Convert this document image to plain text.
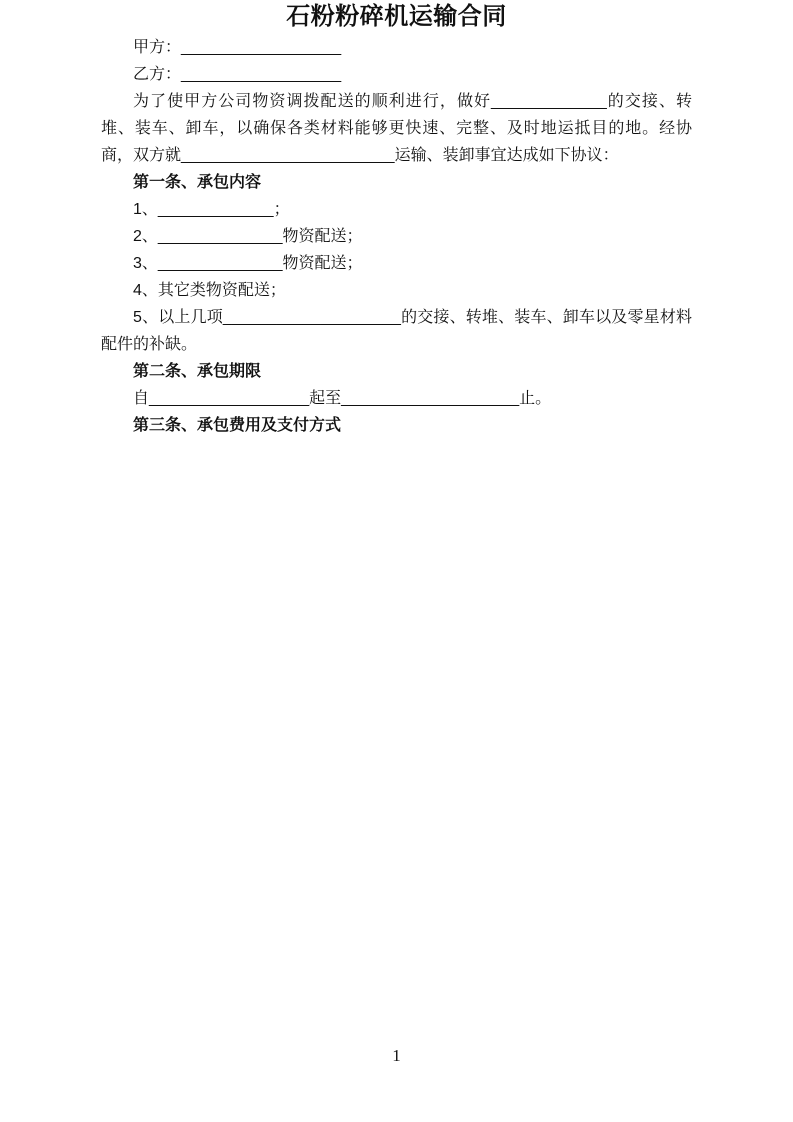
石粉粉碎机运输合同

甲方：__________________

乙方：__________________

为了使甲方公司物资调拨配送的顺利进行，做好_____________的交接、转堆、装车、卸车，以确保各类材料能够更快速、完整、及时地运抵目的地。经协商，双方就________________________运输、装卸事宜达成如下协议：

第一条、承包内容

1、_____________；

2、______________物资配送；

3、______________物资配送；

4、其它类物资配送；

5、以上几项____________________的交接、转堆、装车、卸车以及零星材料配件的补缺。

第二条、承包期限

自__________________起至____________________止。

第三条、承包费用及支付方式

1
